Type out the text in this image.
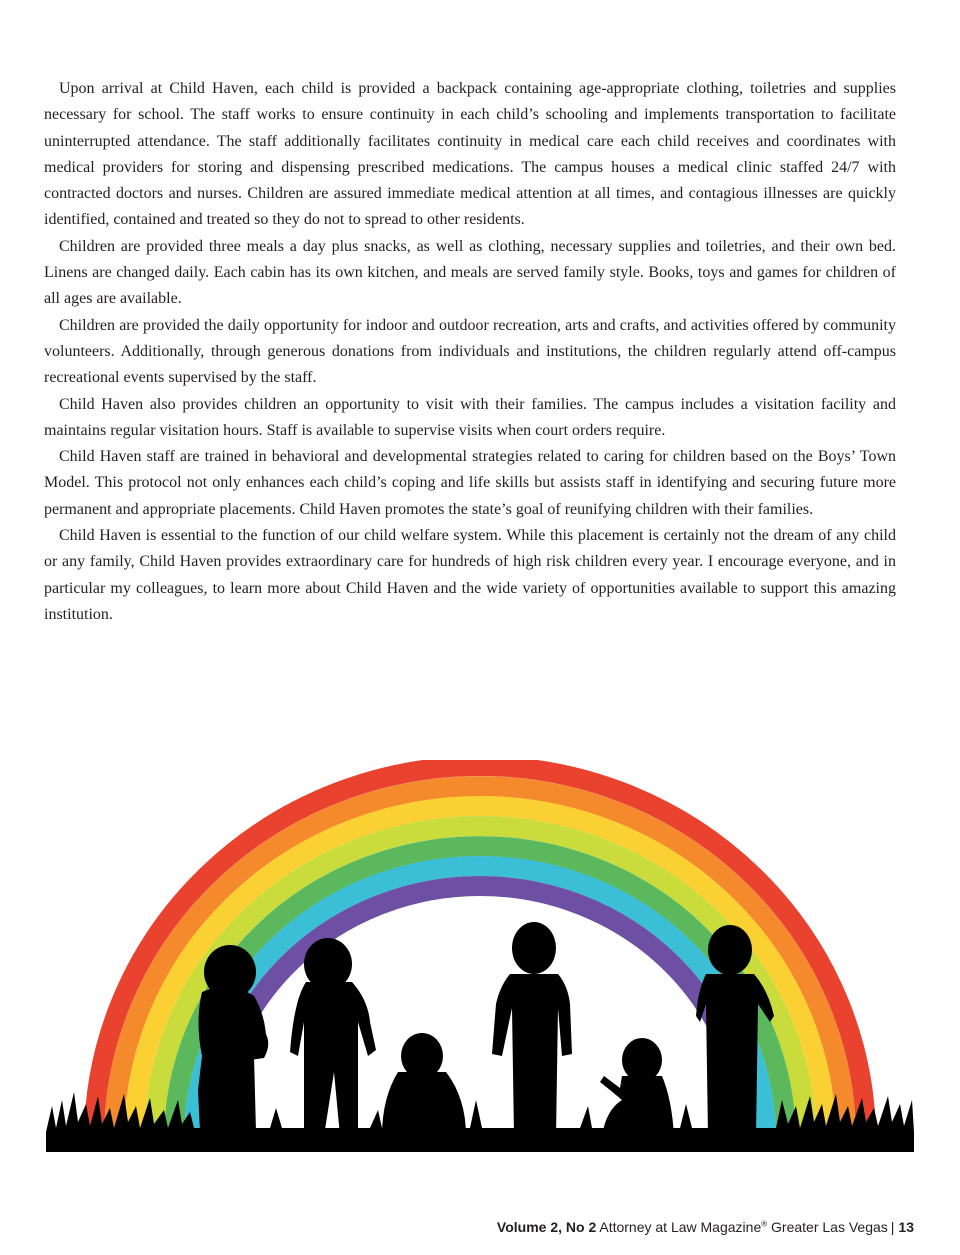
Upon arrival at Child Haven, each child is provided a backpack containing age-appropriate clothing, toiletries and supplies necessary for school. The staff works to ensure continuity in each child’s schooling and implements transportation to facilitate uninterrupted attendance. The staff additionally facilitates continuity in medical care each child receives and coordinates with medical providers for storing and dispensing prescribed medications. The campus houses a medical clinic staffed 24/7 with contracted doctors and nurses. Children are assured immediate medical attention at all times, and contagious illnesses are quickly identified, contained and treated so they do not to spread to other residents.

Children are provided three meals a day plus snacks, as well as clothing, necessary supplies and toiletries, and their own bed. Linens are changed daily. Each cabin has its own kitchen, and meals are served family style. Books, toys and games for children of all ages are available.

Children are provided the daily opportunity for indoor and outdoor recreation, arts and crafts, and activities offered by community volunteers. Additionally, through generous donations from individuals and institutions, the children regularly attend off-campus recreational events supervised by the staff.

Child Haven also provides children an opportunity to visit with their families. The campus includes a visitation facility and maintains regular visitation hours. Staff is available to supervise visits when court orders require.

Child Haven staff are trained in behavioral and developmental strategies related to caring for children based on the Boys’ Town Model. This protocol not only enhances each child’s coping and life skills but assists staff in identifying and securing future more permanent and appropriate placements. Child Haven promotes the state’s goal of reunifying children with their families.

Child Haven is essential to the function of our child welfare system. While this placement is certainly not the dream of any child or any family, Child Haven provides extraordinary care for hundreds of high risk children every year. I encourage everyone, and in particular my colleagues, to learn more about Child Haven and the wide variety of opportunities available to support this amazing institution.

Volume 2, No 2 Attorney at Law Magazine® Greater Las Vegas | 13
